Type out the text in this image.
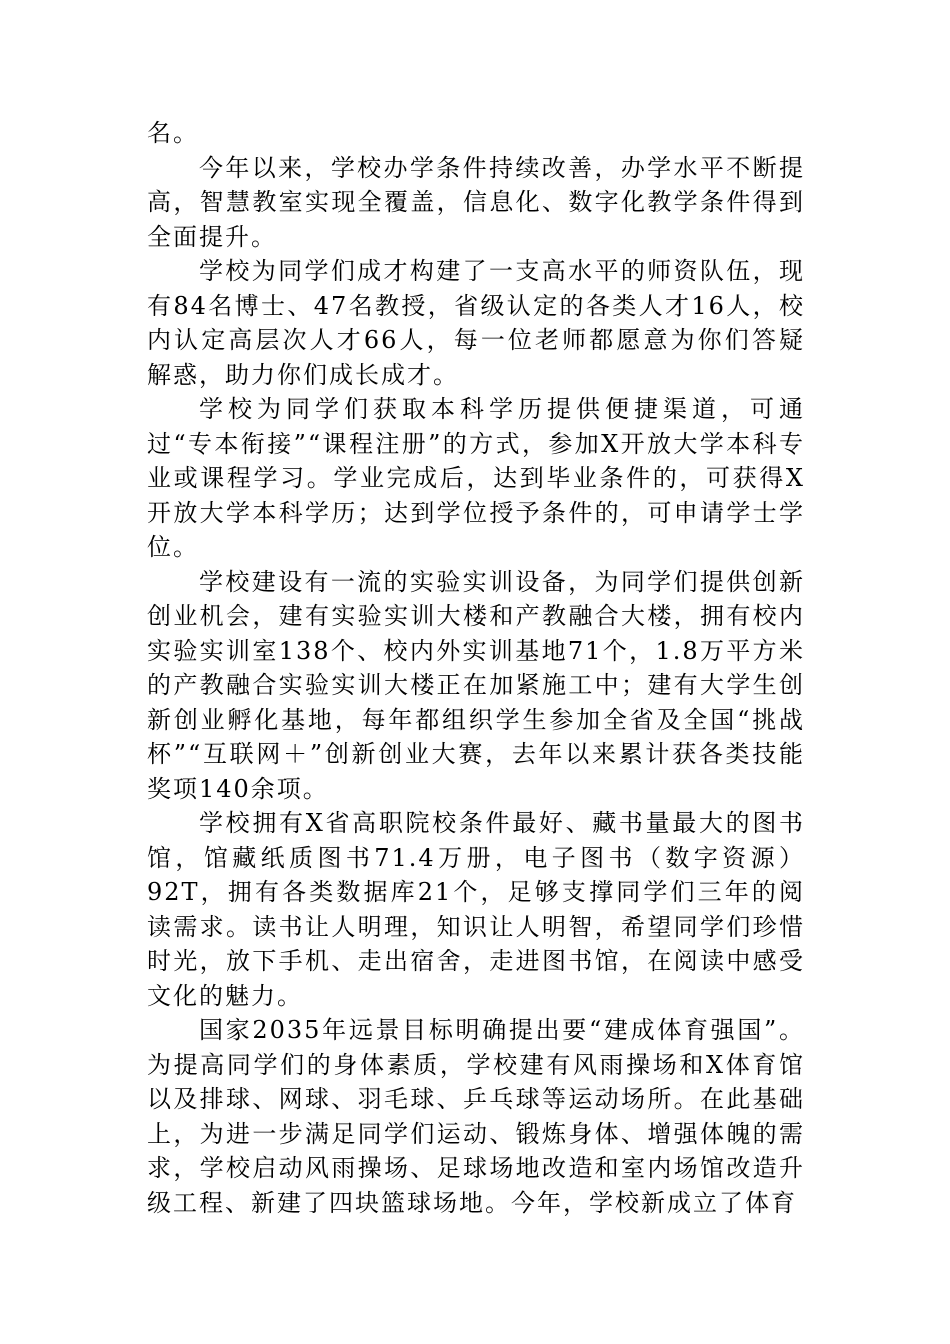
名。

今年以来，学校办学条件持续改善，办学水平不断提高，智慧教室实现全覆盖，信息化、数字化教学条件得到全面提升。

学校为同学们成才构建了一支高水平的师资队伍，现有84名博士、47名教授，省级认定的各类人才16人，校内认定高层次人才66人，每一位老师都愿意为你们答疑解惑，助力你们成长成才。

学校为同学们获取本科学历提供便捷渠道，可通过“专本衔接”“课程注册”的方式，参加X开放大学本科专业或课程学习。学业完成后，达到毕业条件的，可获得X开放大学本科学历；达到学位授予条件的，可申请学士学位。

学校建设有一流的实验实训设备，为同学们提供创新创业机会，建有实验实训大楼和产教融合大楼，拥有校内实验实训室138个、校内外实训基地71个，1.8万平方米的产教融合实验实训大楼正在加紧施工中；建有大学生创新创业孵化基地，每年都组织学生参加全省及全国“挑战杯”“互联网＋”创新创业大赛，去年以来累计获各类技能奖项140余项。

学校拥有X省高职院校条件最好、藏书量最大的图书馆，馆藏纸质图书71.4万册，电子图书（数字资源）92T，拥有各类数据库21个，足够支撑同学们三年的阅读需求。读书让人明理，知识让人明智，希望同学们珍惜时光，放下手机、走出宿舍，走进图书馆，在阅读中感受文化的魅力。

国家2035年远景目标明确提出要“建成体育强国”。为提高同学们的身体素质，学校建有风雨操场和X体育馆以及排球、网球、羽毛球、乒乓球等运动场所。在此基础上，为进一步满足同学们运动、锻炼身体、增强体魄的需求，学校启动风雨操场、足球场地改造和室内场馆改造升级工程、新建了四块篮球场地。今年，学校新成立了体育
